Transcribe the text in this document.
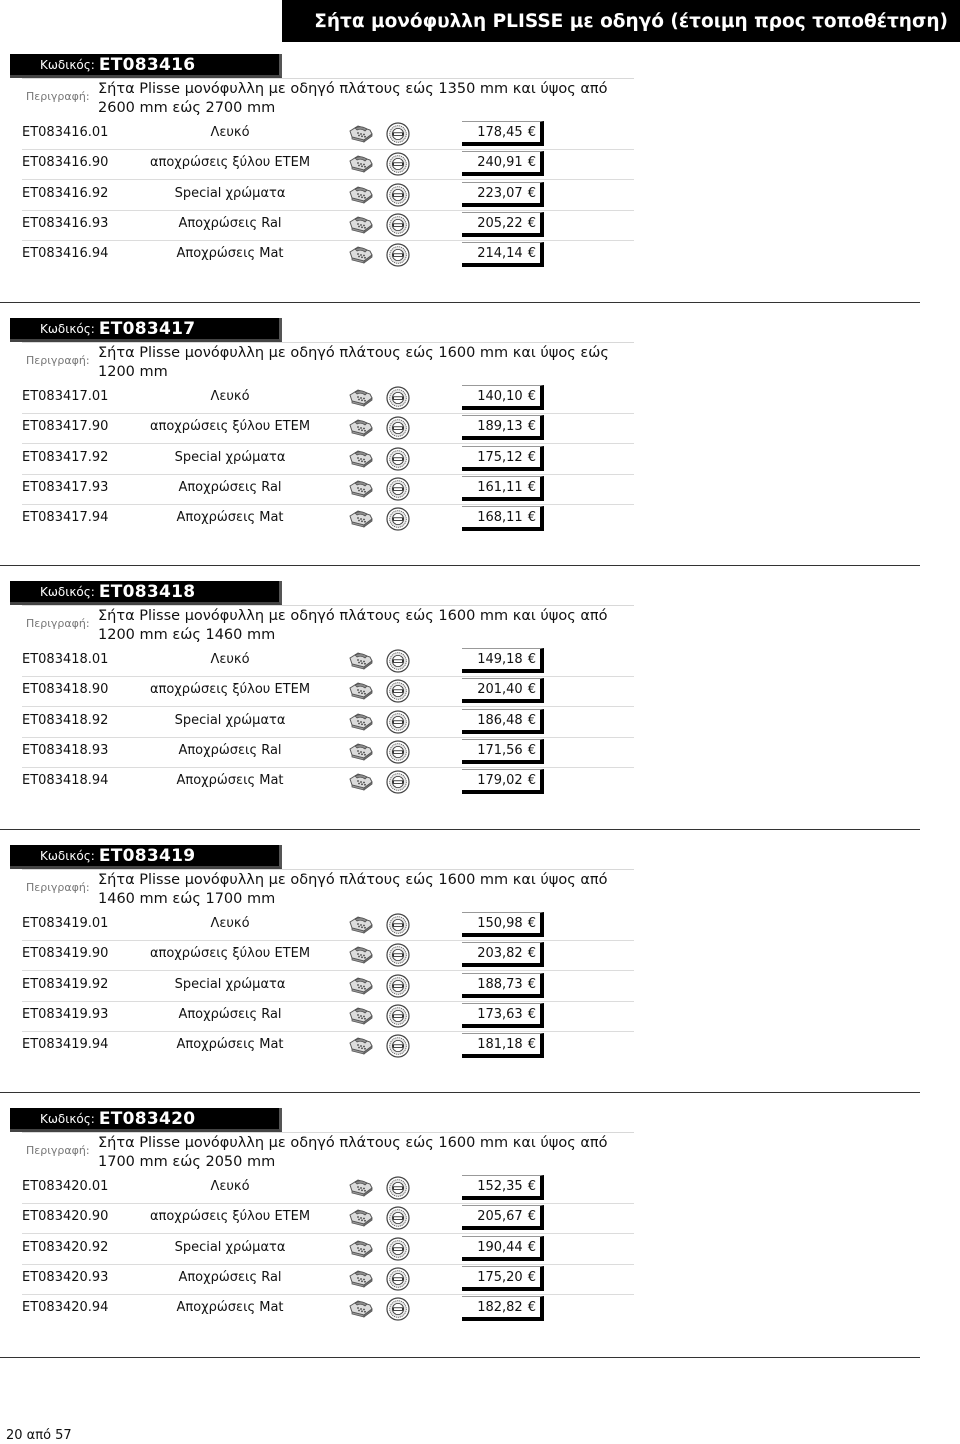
Σήτα μονόφυλλη PLISSE με οδηγό (έτοιμη προς τοποθέτηση)
Κωδικός: ET083416
Περιγραφή: Σήτα Plisse μονόφυλλη με οδηγό πλάτους εώς 1350 mm και ύψος από 2600 mm εώς 2700 mm
ET083416.01	Λευκό	178,45 €
ET083416.90	αποχρώσεις ξύλου ETEM	240,91 €
ET083416.92	Special χρώματα	223,07 €
ET083416.93	Αποχρώσεις Ral	205,22 €
ET083416.94	Αποχρώσεις Mat	214,14 €
Κωδικός: ET083417
Περιγραφή: Σήτα Plisse μονόφυλλη με οδηγό πλάτους εώς 1600 mm και ύψος εώς 1200 mm
ET083417.01	Λευκό	140,10 €
ET083417.90	αποχρώσεις ξύλου ETEM	189,13 €
ET083417.92	Special χρώματα	175,12 €
ET083417.93	Αποχρώσεις Ral	161,11 €
ET083417.94	Αποχρώσεις Mat	168,11 €
Κωδικός: ET083418
Περιγραφή: Σήτα Plisse μονόφυλλη με οδηγό πλάτους εώς 1600 mm και ύψος από 1200 mm εώς 1460 mm
ET083418.01	Λευκό	149,18 €
ET083418.90	αποχρώσεις ξύλου ETEM	201,40 €
ET083418.92	Special χρώματα	186,48 €
ET083418.93	Αποχρώσεις Ral	171,56 €
ET083418.94	Αποχρώσεις Mat	179,02 €
Κωδικός: ET083419
Περιγραφή: Σήτα Plisse μονόφυλλη με οδηγό πλάτους εώς 1600 mm και ύψος από 1460 mm εώς 1700 mm
ET083419.01	Λευκό	150,98 €
ET083419.90	αποχρώσεις ξύλου ETEM	203,82 €
ET083419.92	Special χρώματα	188,73 €
ET083419.93	Αποχρώσεις Ral	173,63 €
ET083419.94	Αποχρώσεις Mat	181,18 €
Κωδικός: ET083420
Περιγραφή: Σήτα Plisse μονόφυλλη με οδηγό πλάτους εώς 1600 mm και ύψος από 1700 mm εώς 2050 mm
ET083420.01	Λευκό	152,35 €
ET083420.90	αποχρώσεις ξύλου ETEM	205,67 €
ET083420.92	Special χρώματα	190,44 €
ET083420.93	Αποχρώσεις Ral	175,20 €
ET083420.94	Αποχρώσεις Mat	182,82 €
20 από 57
